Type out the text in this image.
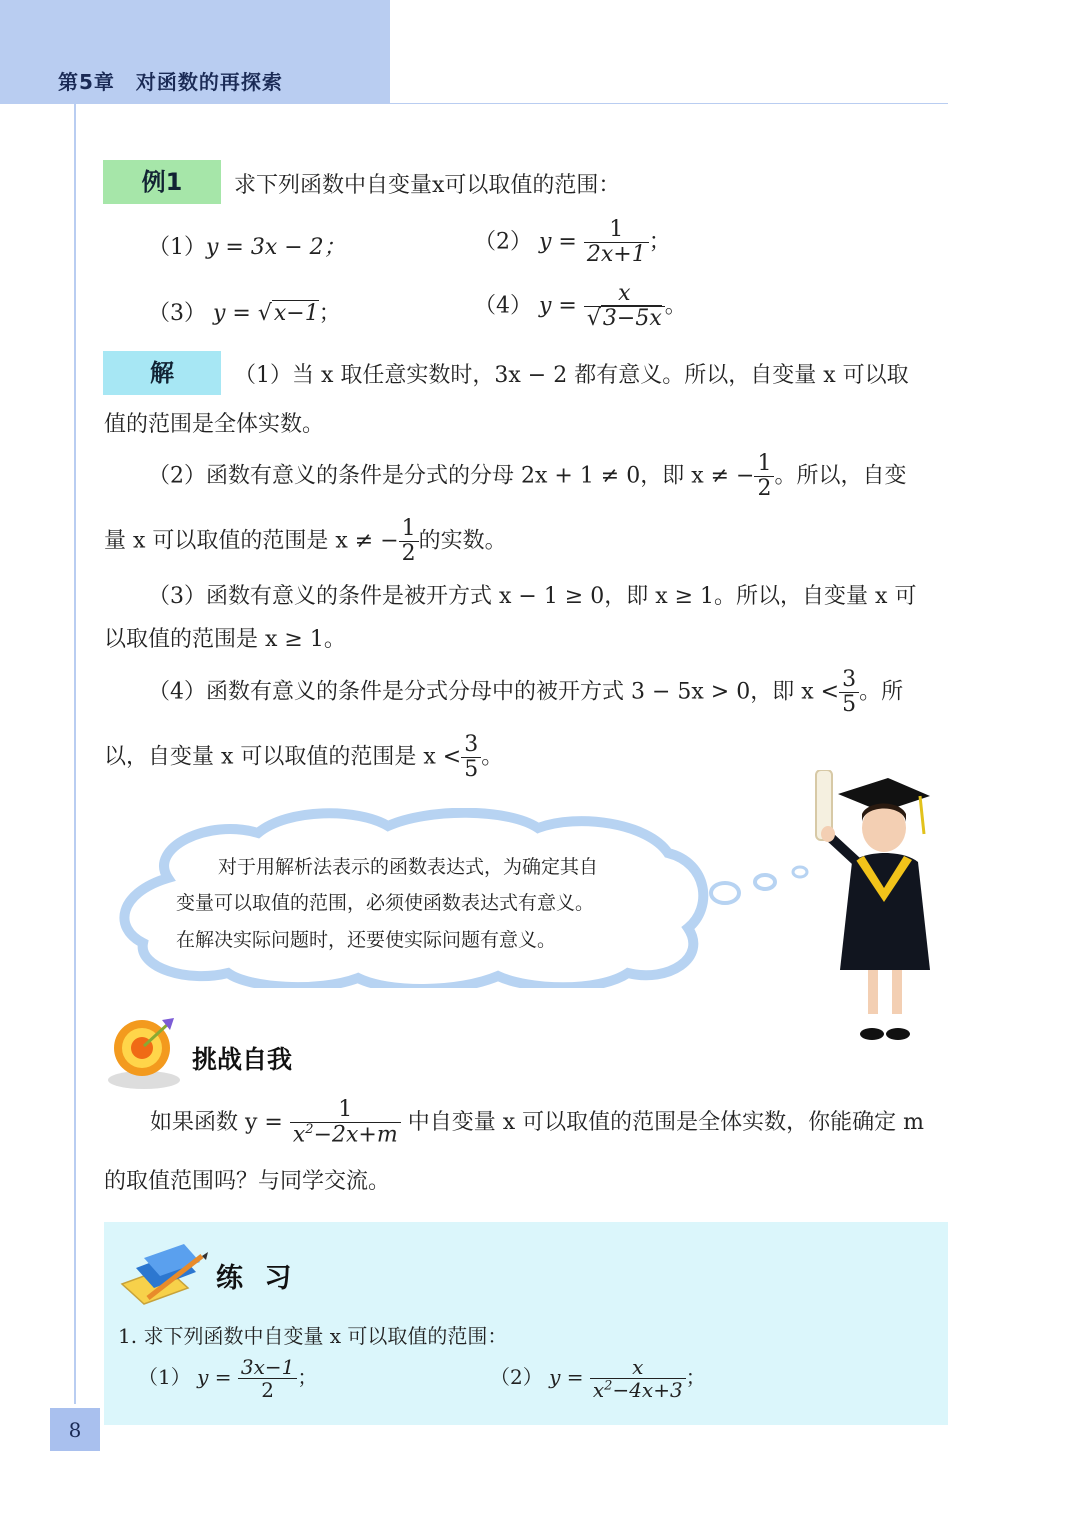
第5章　对函数的再探索
例1	求下列函数中自变量x可以取值的范围：
（1）y = 3x − 2；	（2） $y = \frac{1}{2x+1}$ ；
（3） y = √x−1；	（4） $y = \frac{x}{√3-5x}$ 。
解	（1）当 x 取任意实数时，3x − 2 都有意义。所以，自变量 x 可以取
值的范围是全体实数。
（2）函数有意义的条件是分式的分母 2x + 1 ≠ 0，即 x ≠ − $\frac{1}{2}$ 。所以，自变
量 x 可以取值的范围是 x ≠ − $\frac{1}{2}$ 的实数。
（3）函数有意义的条件是被开方式 x − 1 ≥ 0，即 x ≥ 1。所以，自变量 x 可
以取值的范围是 x ≥ 1。
（4）函数有意义的条件是分式分母中的被开方式 3 − 5x > 0，即 $x < \frac{3}{5}$ 。所
以，自变量 x 可以取值的范围是 $x < \frac{3}{5}$ 。
对于用解析法表示的函数表达式，为确定其自
变量可以取值的范围，必须使函数表达式有意义。
在解决实际问题时，还要使实际问题有意义。
挑战自我
如果函数 $y = \frac{1}{x^2-2x+m}$ 中自变量 x 可以取值的范围是全体实数，你能确定 m
的取值范围吗？与同学交流。
练 习
1. 求下列函数中自变量 x 可以取值的范围：
（1） $y = \frac{3x-1}{2}$ ；	（2） $y = \frac{x}{x^2-4x+3}$ ；
8
